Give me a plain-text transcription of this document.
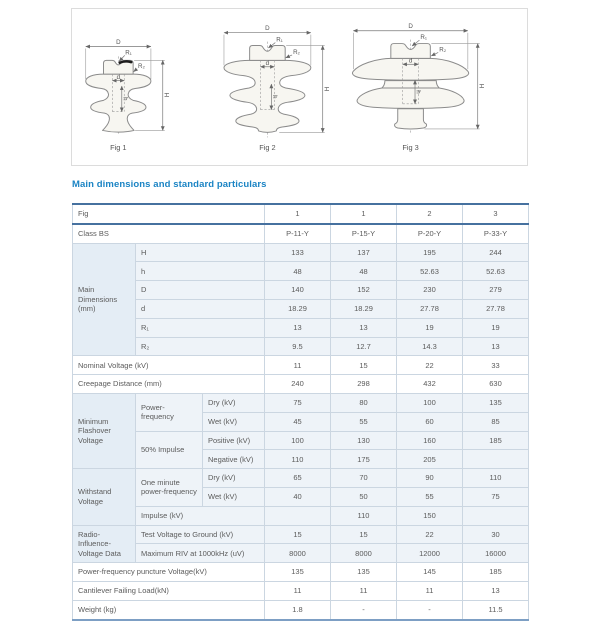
D
R₁
R₂
d
h
H
Fig 1
D
R₁
R₂
d
h
H
Fig 2
D
R₁
R₂
d
h
H
Fig 3
Main dimensions and standard particulars
Fig			1	1	2	3
Class BS			P-11-Y	P-15-Y	P-20-Y	P-33-Y
Main Dimensions (mm)	H		133	137	195	244
	h		48	48	52.63	52.63
	D		140	152	230	279
	d		18.29	18.29	27.78	27.78
	R₁		13	13	19	19
	R₂		9.5	12.7	14.3	13
Nominal Voltage (kV)			11	15	22	33
Creepage Distance (mm)			240	298	432	630
Minimum Flashover Voltage	Power-frequency	Dry (kV)	75	80	100	135
		Wet (kV)	45	55	60	85
	50% Impulse	Positive (kV)	100	130	160	185
		Negative (kV)	110	175	205	
Withstand Voltage	One minute power-frequency	Dry (kV)	65	70	90	110
		Wet (kV)	40	50	55	75
	Impulse (kV)			110	150	
Radio-Influence-Voltage Data	Test Voltage to Ground (kV)		15	15	22	30
	Maximum RIV at 1000kHz (uV)		8000	8000	12000	16000
Power-frequency puncture Voltage(kV)			135	135	145	185
Cantilever Failing Load(kN)			11	11	11	13
Weight (kg)			1.8	-	-	11.5
